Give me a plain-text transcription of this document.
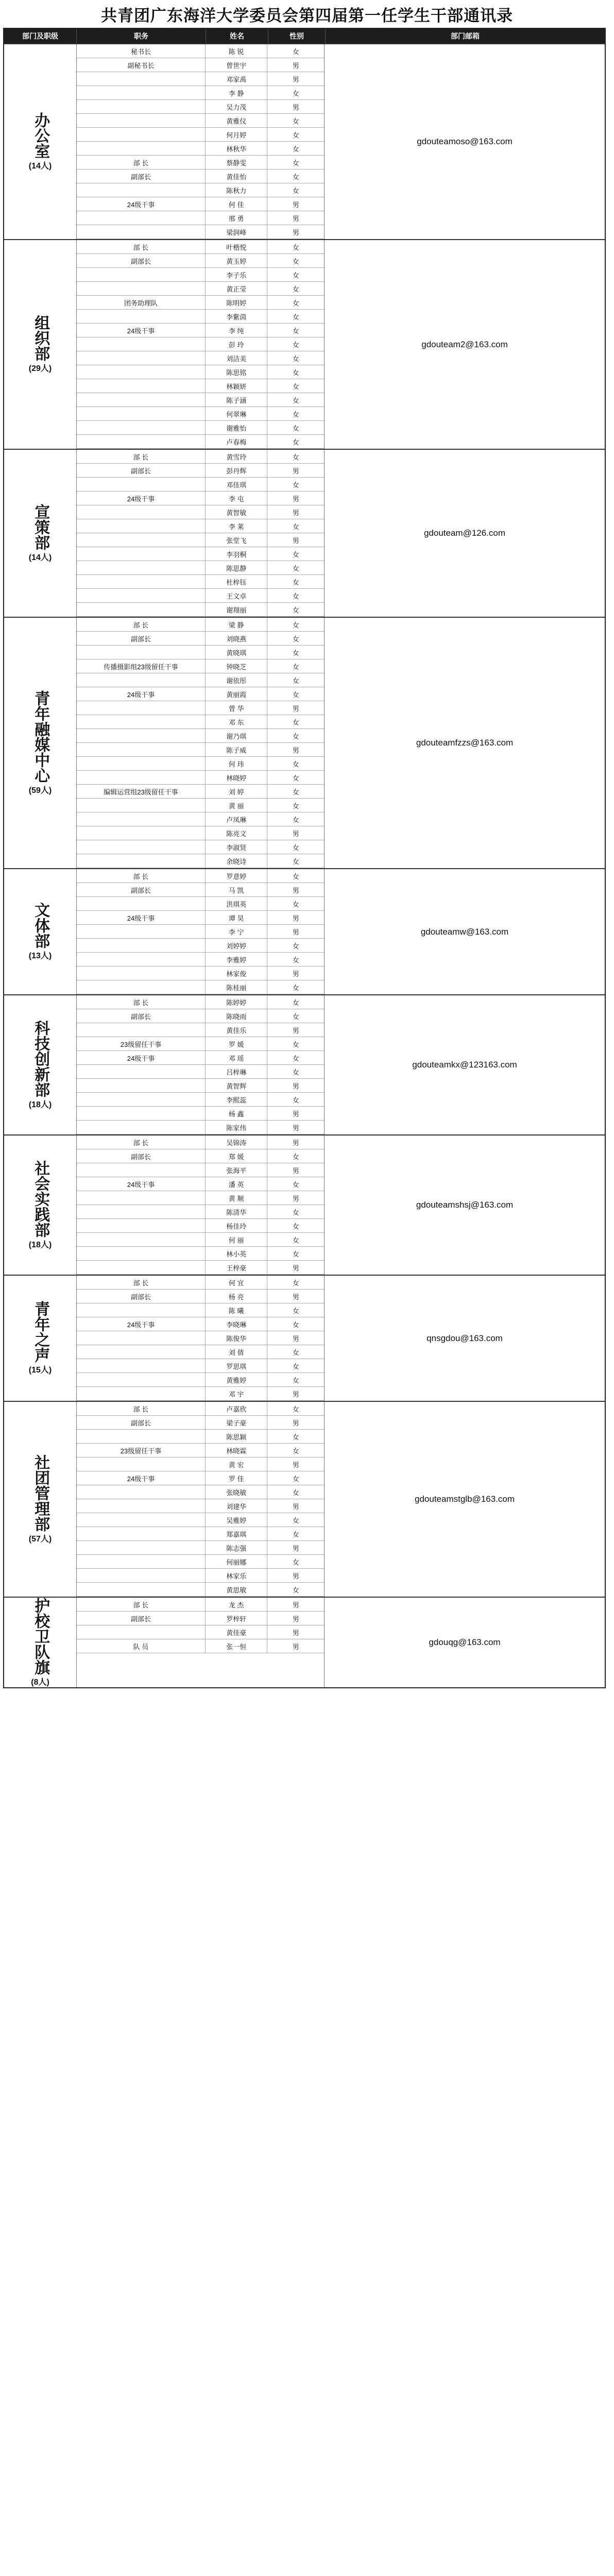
共青团广东海洋大学委员会第四届第一任学生干部通讯录
部门及职级	职务	姓名	性别	部门邮箱
办公室
(14人)
秘书长	陈 锐	女
副秘书长	曾世宇	男
邓家禹	男
李 静	女
吴力茂	男
黄雅仪	女
何月婷	女
林秋华	女
部 长	蔡静雯	女
副部长	黄佳怡	女
陈秋力	女
24级干事	何 佳	男
邢 勇	男
梁润峰	男
gdouteamoso@163.com
组织部
(29人)
部 长	叶楷悦	女
副部长	黄玉婷	女
李子乐	女
黄正莹	女
团务助理队	陈明婷	女
李紫茵	女
24级干事	李 纯	女
彭 玲	女
刘洁美	女
陈思铭	女
林颖妍	女
陈子涵	女
何翠琳	女
谢雅怡	女
卢春梅	女
gdouteam2@163.com
宣策部
(14人)
部 长	黄雪玲	女
副部长	彭丹辉	男
邓佳琪	女
24级干事	李 屯	男
黄智敏	男
李 莱	女
张堂飞	男
李羽桐	女
陈思静	女
杜梓钰	女
王文卓	女
谢翔丽	女
gdouteam@126.com
青年融媒中心
(59人)
部 长	梁 静	女
副部长	刘晓燕	女
黄晓琪	女
传播摄影组23级留任干事	钟晓芝	女
谢依彤	女
24级干事	黄丽霞	女
曾 华	男
邓 东	女
谢乃琪	女
陈子威	男
何 玮	女
林晓婷	女
编辑运营组23级留任干事	刘 婷	女
黄 丽	女
卢凤琳	女
陈亮文	男
李淑贤	女
余晓诗	女
gdouteamfzzs@163.com
文体部
(13人)
部 长	罗意婷	女
副部长	马 凯	男
洪琪英	女
24级干事	谭 昊	男
李 宁	男
刘婷婷	女
李雅婷	女
林家俊	男
陈桂丽	女
gdouteamw@163.com
科技创新部
(18人)
部 长	陈婷婷	女
副部长	陈晓雨	女
黄佳乐	男
23级留任干事	罗 媛	女
24级干事	邓 瑶	女
吕梓琳	女
黄智辉	男
李熙蕊	女
杨 鑫	男
陈家伟	男
gdouteamkx@123163.com
社会实践部
(18人)
部 长	吴锦涛	男
副部长	郑 媛	女
张海平	男
24级干事	潘 英	女
黄 顺	男
陈清华	女
杨佳玲	女
何 丽	女
林小英	女
王梓豪	男
gdouteamshsj@163.com
青年之声
(15人)
部 长	何 宜	女
副部长	杨 亮	男
陈 曦	女
24级干事	李晓琳	女
陈俊华	男
刘 倩	女
罗思琪	女
黄雅婷	女
邓 宇	男
qnsgdou@163.com
社团管理部
(57人)
部 长	卢嘉欣	女
副部长	梁子豪	男
陈思颖	女
23级留任干事	林晓霖	女
黄 宏	男
24级干事	罗 佳	女
张晓敏	女
刘建华	男
吴雅婷	女
郑嘉琪	女
陈志强	男
何丽娜	女
林家乐	男
黄思敏	女
gdouteamstglb@163.com
护校卫队旗
(8人)
部 长	龙 杰	男
副部长	罗梓轩	男
黄佳豪	男
队 员	张一恒	男	gdouqg@163.com
